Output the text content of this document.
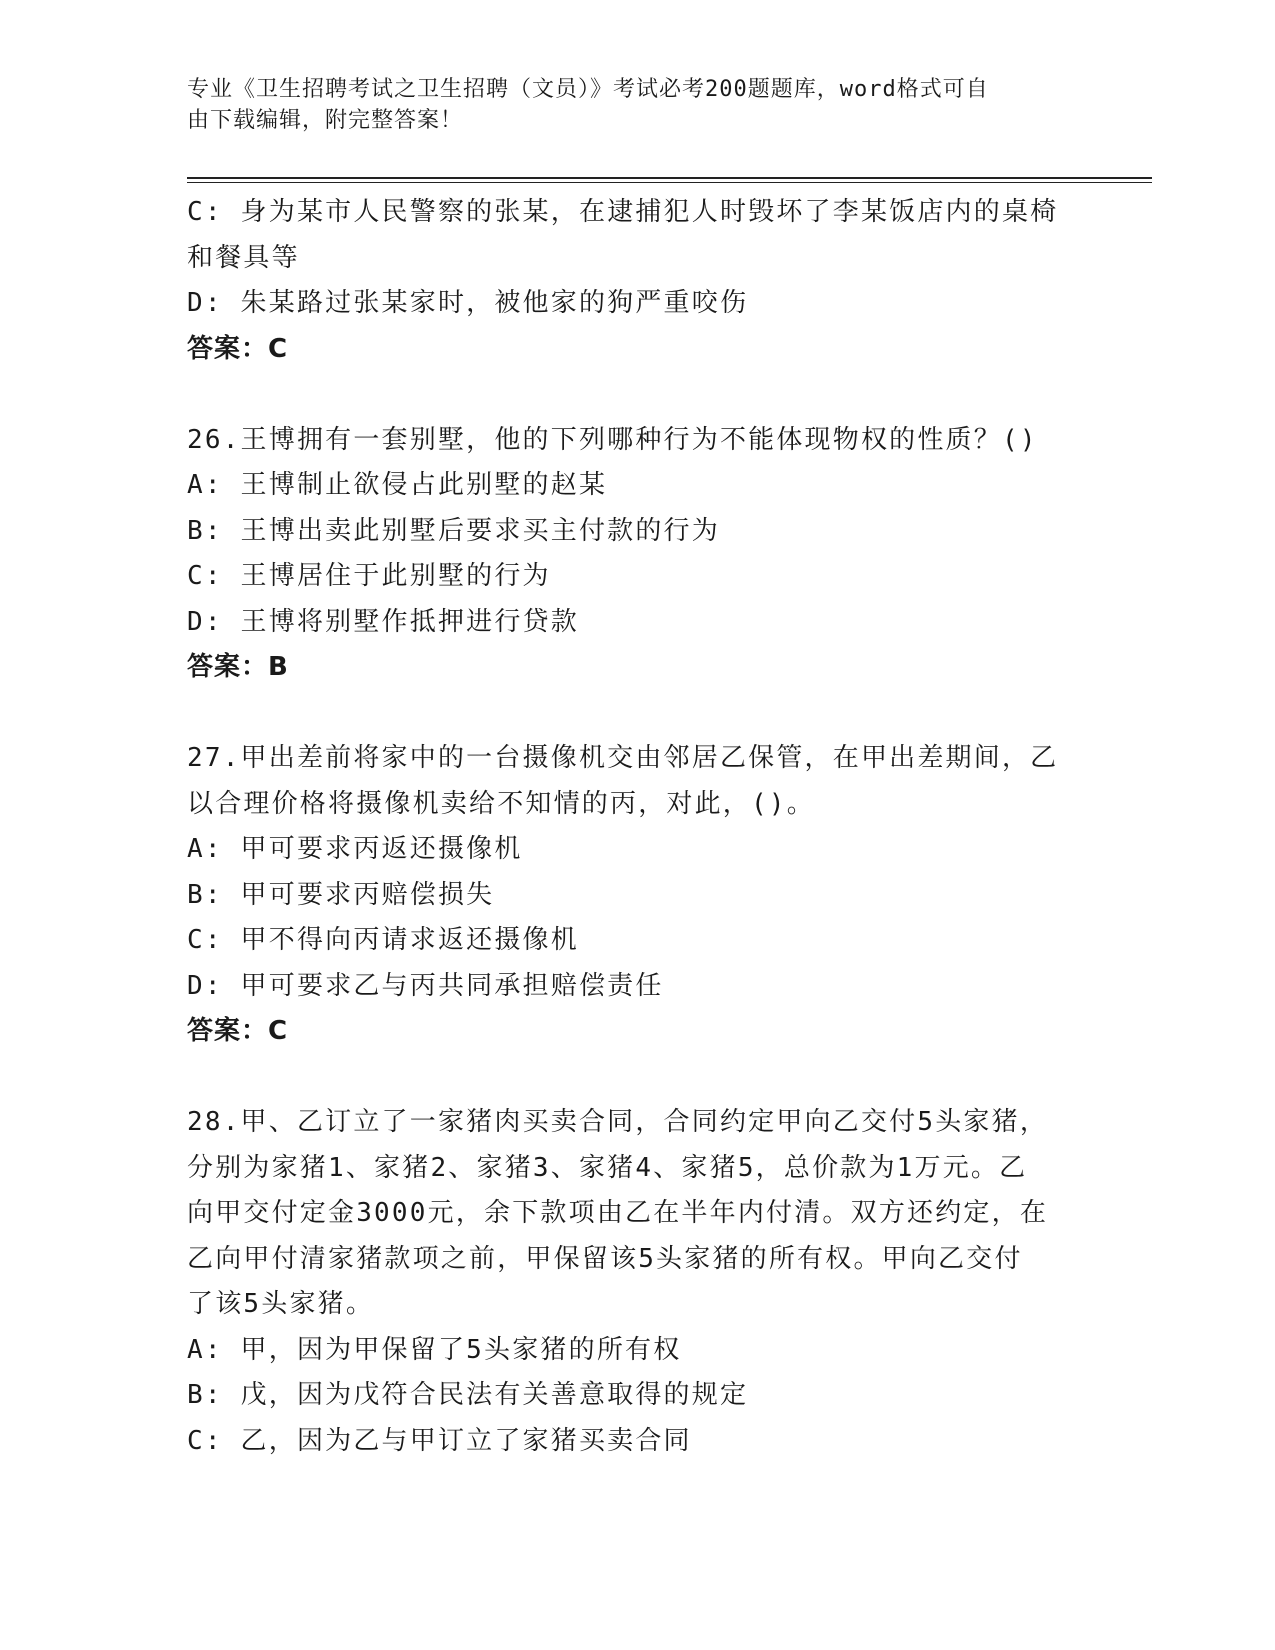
专业《卫生招聘考试之卫生招聘（文员）》考试必考200题题库，word格式可自
由下载编辑，附完整答案！
C: 身为某市人民警察的张某，在逮捕犯人时毁坏了李某饭店内的桌椅
和餐具等
D: 朱某路过张某家时，被他家的狗严重咬伤
答案：C
26.王博拥有一套别墅，他的下列哪种行为不能体现物权的性质？()
A: 王博制止欲侵占此别墅的赵某
B: 王博出卖此别墅后要求买主付款的行为
C: 王博居住于此别墅的行为
D: 王博将别墅作抵押进行贷款
答案：B
27.甲出差前将家中的一台摄像机交由邻居乙保管，在甲出差期间，乙
以合理价格将摄像机卖给不知情的丙，对此，()。
A: 甲可要求丙返还摄像机
B: 甲可要求丙赔偿损失
C: 甲不得向丙请求返还摄像机
D: 甲可要求乙与丙共同承担赔偿责任
答案：C
28.甲、乙订立了一家猪肉买卖合同，合同约定甲向乙交付5头家猪，
分别为家猪1、家猪2、家猪3、家猪4、家猪5，总价款为1万元。乙
向甲交付定金3000元，余下款项由乙在半年内付清。双方还约定，在
乙向甲付清家猪款项之前，甲保留该5头家猪的所有权。甲向乙交付
了该5头家猪。
A: 甲，因为甲保留了5头家猪的所有权
B: 戊，因为戊符合民法有关善意取得的规定
C: 乙，因为乙与甲订立了家猪买卖合同
